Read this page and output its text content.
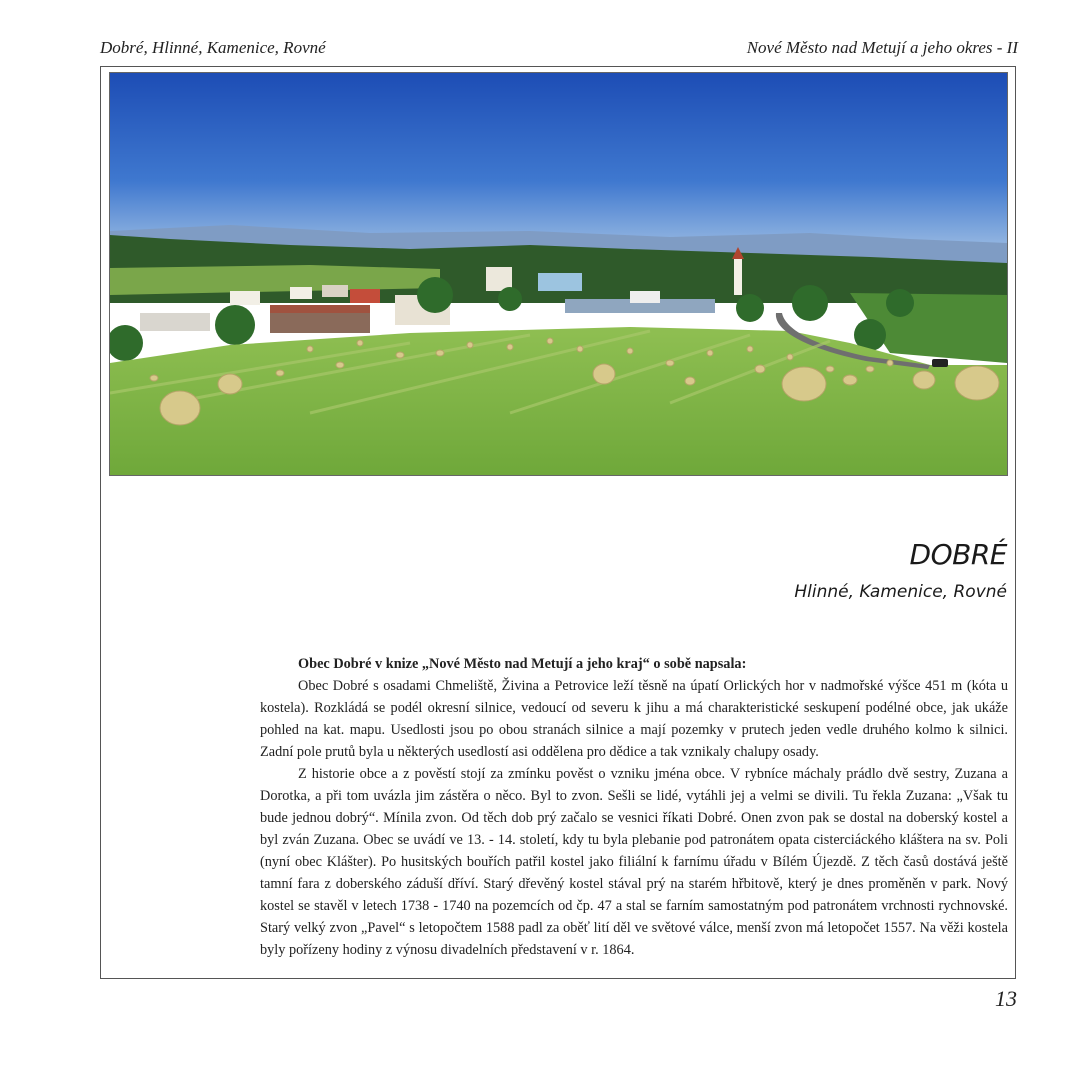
Dobré, Hlinné, Kamenice, Rovné	Nové Město nad Metují a jeho okres - II
DOBRÉ
Hlinné, Kamenice, Rovné

Obec Dobré v knize „Nové Město nad Metují a jeho kraj“ o sobě napsala:

Obec Dobré s osadami Chmeliště, Živina a Petrovice leží těsně na úpatí Orlických hor v nadmořské výšce 451 m (kóta u kostela). Rozkládá se podél okresní silnice, vedoucí od severu k jihu a má charakteristické seskupení podélné obce, jak ukáže pohled na kat. mapu. Usedlosti jsou po obou stranách silnice a mají pozemky v prutech jeden vedle druhého kolmo k silnici. Zadní pole prutů byla u některých usedlostí asi oddělena pro dědice a tak vznikaly chalupy osady.

Z historie obce a z pověstí stojí za zmínku pověst o vzniku jména obce. V rybníce máchaly prádlo dvě sestry, Zuzana a Dorotka, a při tom uvázla jim zástěra o něco. Byl to zvon. Sešli se lidé, vytáhli jej a velmi se divili. Tu řekla Zuzana: „Však tu bude jednou dobrý“. Mínila zvon. Od těch dob prý začalo se vesnici říkati Dobré. Onen zvon pak se dostal na doberský kostel a byl zván Zuzana. Obec se uvádí ve 13. - 14. století, kdy tu byla plebanie pod patronátem opata cisterciáckého kláštera na sv. Poli (nyní obec Klášter). Po husitských bouřích patřil kostel jako filiální k farnímu úřadu v Bílém Újezdě. Z těch časů dostává ještě tamní fara z doberského záduší dříví. Starý dřevěný kostel stával prý na starém hřbitově, který je dnes proměněn v park. Nový kostel se stavěl v letech 1738 - 1740 na pozemcích od čp. 47 a stal se farním samostatným pod patronátem vrchnosti rychnovské. Starý velký zvon „Pavel“ s letopočtem 1588 padl za oběť lití děl ve světové válce, menší zvon má letopočet 1557. Na věži kostela byly pořízeny hodiny z výnosu divadelních představení v r. 1864.

13
